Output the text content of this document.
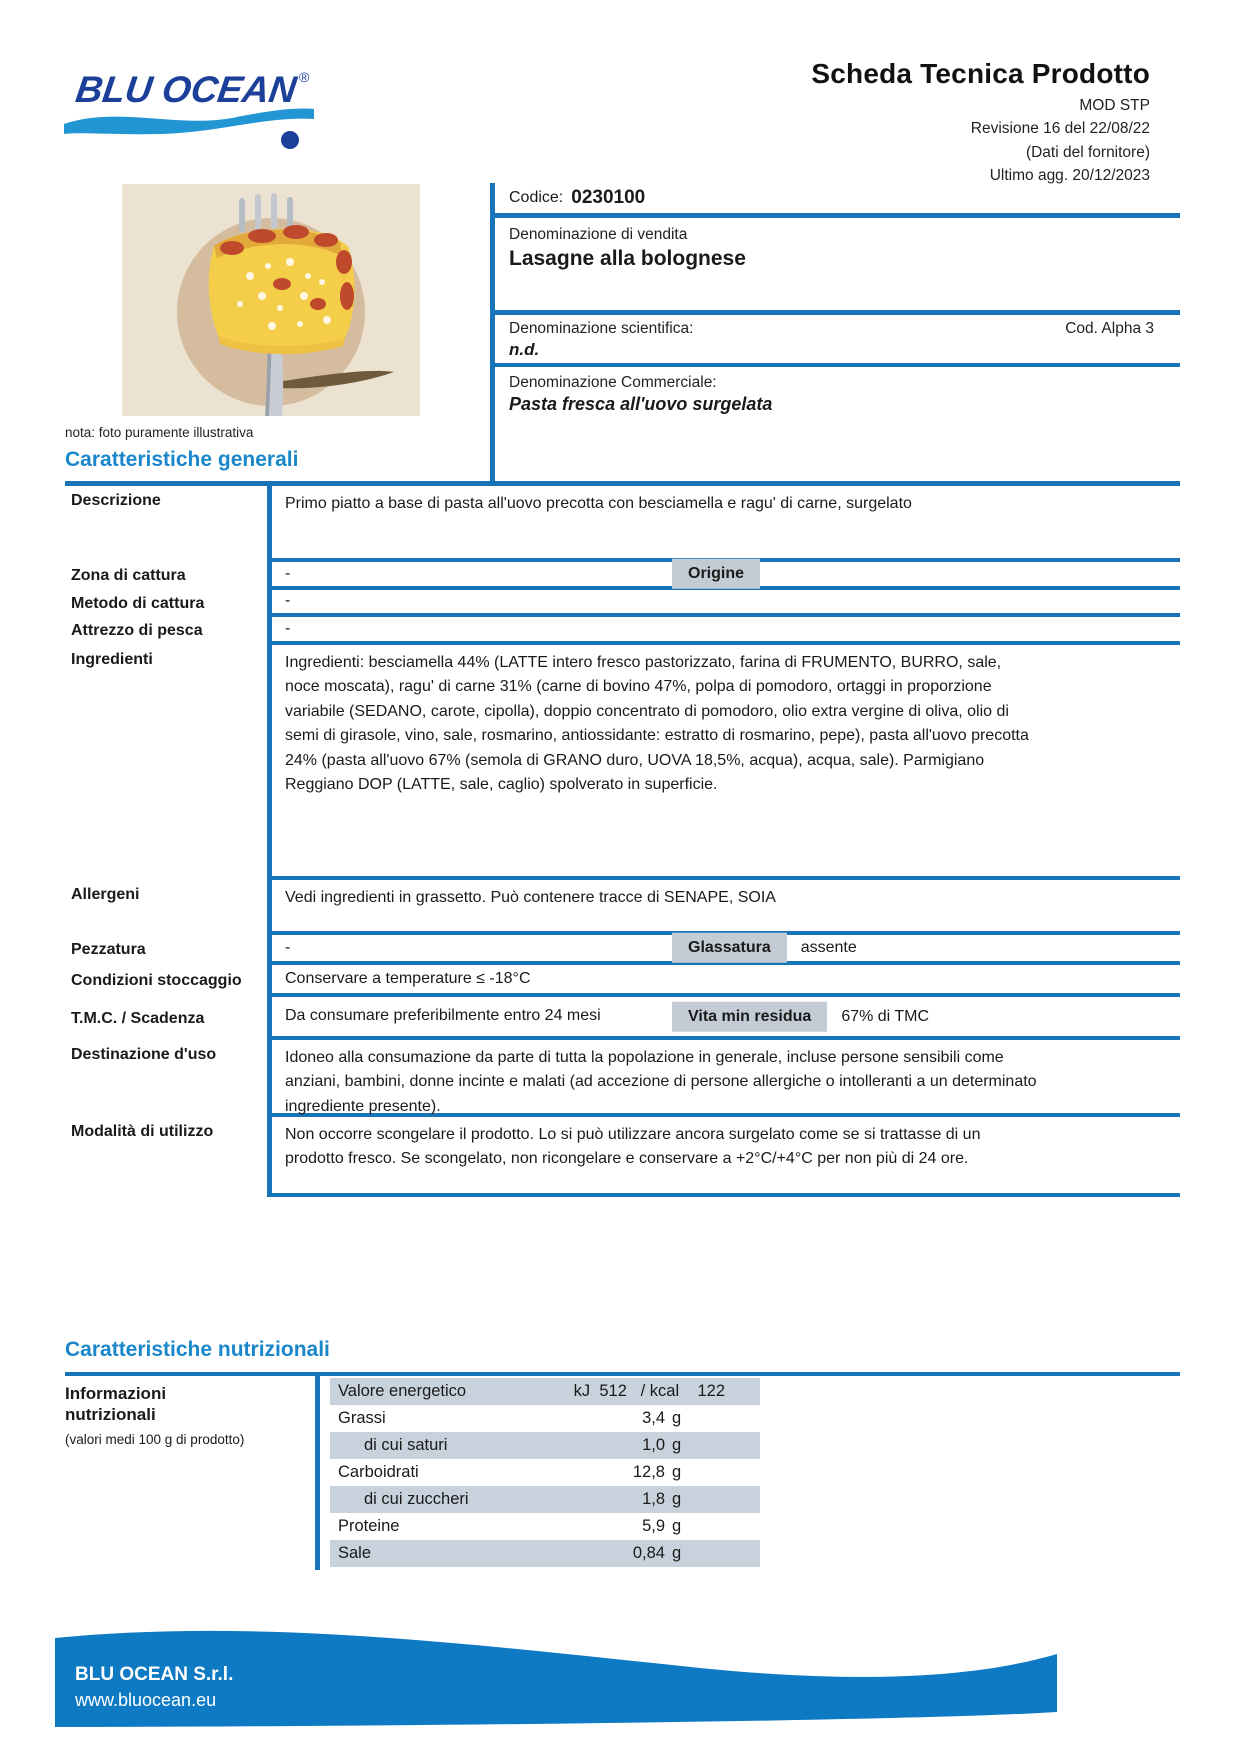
BLU OCEAN ®	Scheda Tecnica Prodotto
MOD STP
Revisione 16 del 22/08/22
(Dati del fornitore)
Ultimo agg. 20/12/2023
nota: foto puramente illustrativa
Codice: 0230100
Denominazione di vendita
Lasagne alla bolognese
Denominazione scientifica:	Cod. Alpha 3
n.d.
Denominazione Commerciale:
Pasta fresca all'uovo surgelata
Caratteristiche generali
Descrizione	Primo piatto a base di pasta all'uovo precotta con besciamella e ragu' di carne, surgelato
Zona di cattura	-	Origine
Metodo di cattura	-
Attrezzo di pesca	-
Ingredienti	Ingredienti: besciamella 44% (LATTE intero fresco pastorizzato, farina di FRUMENTO, BURRO, sale, noce moscata), ragu' di carne 31% (carne di bovino 47%, polpa di pomodoro, ortaggi in proporzione variabile (SEDANO, carote, cipolla), doppio concentrato di pomodoro, olio extra vergine di oliva, olio di semi di girasole, vino, sale, rosmarino, antiossidante: estratto di rosmarino, pepe), pasta all'uovo precotta 24% (pasta all'uovo 67% (semola di GRANO duro, UOVA 18,5%, acqua), acqua, sale). Parmigiano Reggiano DOP (LATTE, sale, caglio) spolverato in superficie.
Allergeni	Vedi ingredienti in grassetto. Può contenere tracce di SENAPE, SOIA
Pezzatura	-	Glassatura	assente
Condizioni stoccaggio	Conservare a temperature ≤ -18°C
T.M.C. / Scadenza	Da consumare preferibilmente entro 24 mesi	Vita min residua	67% di TMC
Destinazione d'uso	Idoneo alla consumazione da parte di tutta la popolazione in generale, incluse persone sensibili come anziani, bambini, donne incinte e malati (ad accezione di persone allergiche o intolleranti a un determinato ingrediente presente).
Modalità di utilizzo	Non occorre scongelare il prodotto. Lo si può utilizzare ancora surgelato come se si trattasse di un prodotto fresco. Se scongelato, non ricongelare e conservare a +2°C/+4°C per non più di 24 ore.
Caratteristiche nutrizionali
Informazioni nutrizionali
(valori medi 100 g di prodotto)
Valore energetico	kJ  512   / kcal    122
Grassi	3,4 g
di cui saturi	1,0 g
Carboidrati	12,8 g
di cui zuccheri	1,8 g
Proteine	5,9 g
Sale	0,84 g
BLU OCEAN S.r.l.
www.bluocean.eu
